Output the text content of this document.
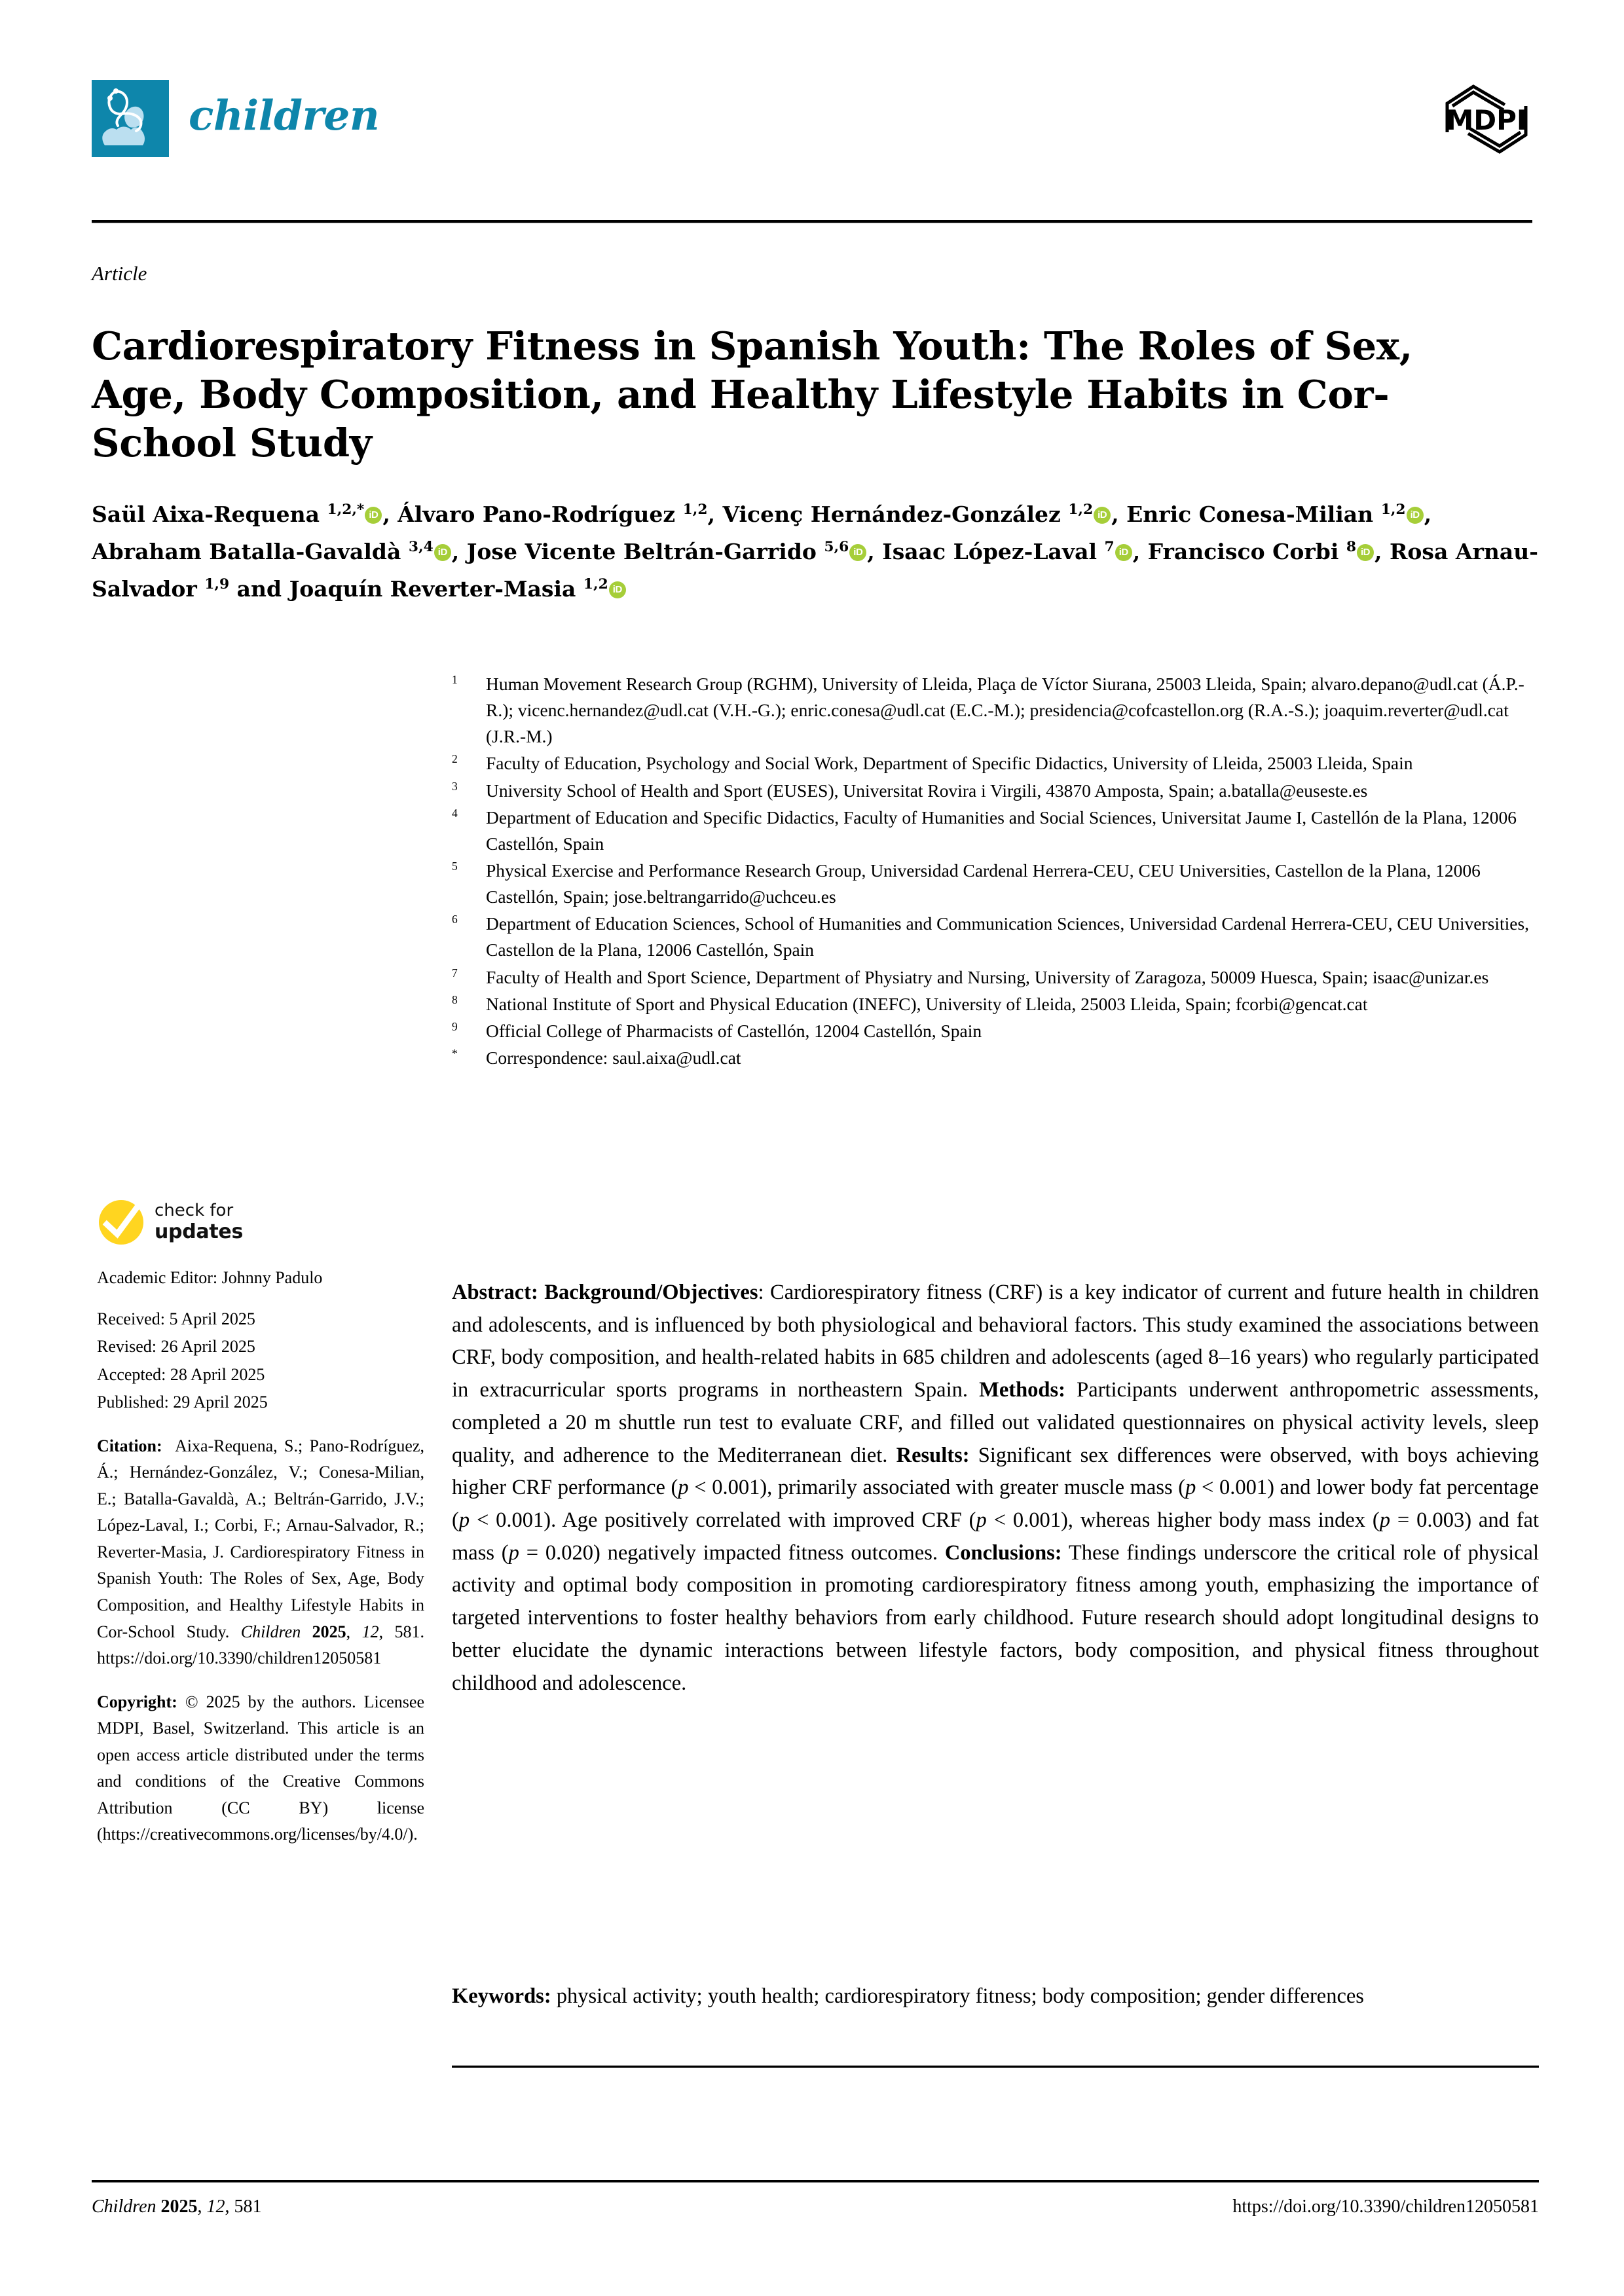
children	MDPI
Article
Cardiorespiratory Fitness in Spanish Youth: The Roles of Sex, Age, Body Composition, and Healthy Lifestyle Habits in Cor-School Study
Saül Aixa-Requena $^{1,2,*}$ iD , Álvaro Pano-Rodríguez $^{1,2}$, Vicenç Hernández-González $^{1,2}$ iD , Enric Conesa-Milian $^{1,2}$ iD , Abraham Batalla-Gavaldà $^{3,4}$ iD , Jose Vicente Beltrán-Garrido $^{5,6}$ iD , Isaac López-Laval $^7$ iD , Francisco Corbi $^8$ iD , Rosa Arnau-Salvador $^{1,9}$ and Joaquín Reverter-Masia $^{1,2}$iD
$^1$	Human Movement Research Group (RGHM), University of Lleida, Plaça de Víctor Siurana, 25003 Lleida, Spain; alvaro.depano@udl.cat (Á.P.-R.); vicenc.hernandez@udl.cat (V.H.-G.); enric.conesa@udl.cat (E.C.-M.); presidencia@cofcastellon.org (R.A.-S.); joaquim.reverter@udl.cat (J.R.-M.)
$^2$	Faculty of Education, Psychology and Social Work, Department of Specific Didactics, University of Lleida, 25003 Lleida, Spain
$^3$	University School of Health and Sport (EUSES), Universitat Rovira i Virgili, 43870 Amposta, Spain; a.batalla@euseste.es
$^4$	Department of Education and Specific Didactics, Faculty of Humanities and Social Sciences, Universitat Jaume I, Castellón de la Plana, 12006 Castellón, Spain
$^5$	Physical Exercise and Performance Research Group, Universidad Cardenal Herrera-CEU, CEU Universities, Castellon de la Plana, 12006 Castellón, Spain; jose.beltrangarrido@uchceu.es
$^6$	Department of Education Sciences, School of Humanities and Communication Sciences, Universidad Cardenal Herrera-CEU, CEU Universities, Castellon de la Plana, 12006 Castellón, Spain
$^7$	Faculty of Health and Sport Science, Department of Physiatry and Nursing, University of Zaragoza, 50009 Huesca, Spain; isaac@unizar.es
$^8$	National Institute of Sport and Physical Education (INEFC), University of Lleida, 25003 Lleida, Spain; fcorbi@gencat.cat
$^9$	Official College of Pharmacists of Castellón, 12004 Castellón, Spain
*	Correspondence: saul.aixa@udl.cat
check for
updates
Academic Editor: Johnny Padulo
Received: 5 April 2025
Revised: 26 April 2025
Accepted: 28 April 2025
Published: 29 April 2025
Citation: Aixa-Requena, S.; Pano-Rodríguez, Á.; Hernández-González, V.; Conesa-Milian, E.; Batalla-Gavaldà, A.; Beltrán-Garrido, J.V.; López-Laval, I.; Corbi, F.; Arnau-Salvador, R.; Reverter-Masia, J. Cardiorespiratory Fitness in Spanish Youth: The Roles of Sex, Age, Body Composition, and Healthy Lifestyle Habits in Cor-School Study. Children 2025, 12, 581. https://doi.org/10.3390/children12050581
Copyright: © 2025 by the authors. Licensee MDPI, Basel, Switzerland. This article is an open access article distributed under the terms and conditions of the Creative Commons Attribution (CC BY) license (https://creativecommons.org/licenses/by/4.0/).
Abstract: Background/Objectives: Cardiorespiratory fitness (CRF) is a key indicator of current and future health in children and adolescents, and is influenced by both physiological and behavioral factors. This study examined the associations between CRF, body composition, and health-related habits in 685 children and adolescents (aged 8–16 years) who regularly participated in extracurricular sports programs in northeastern Spain. Methods: Participants underwent anthropometric assessments, completed a 20 m shuttle run test to evaluate CRF, and filled out validated questionnaires on physical activity levels, sleep quality, and adherence to the Mediterranean diet. Results: Significant sex differences were observed, with boys achieving higher CRF performance (p < 0.001), primarily associated with greater muscle mass (p < 0.001) and lower body fat percentage (p < 0.001). Age positively correlated with improved CRF (p < 0.001), whereas higher body mass index (p = 0.003) and fat mass (p = 0.020) negatively impacted fitness outcomes. Conclusions: These findings underscore the critical role of physical activity and optimal body composition in promoting cardiorespiratory fitness among youth, emphasizing the importance of targeted interventions to foster healthy behaviors from early childhood. Future research should adopt longitudinal designs to better elucidate the dynamic interactions between lifestyle factors, body composition, and physical fitness throughout childhood and adolescence.
Keywords: physical activity; youth health; cardiorespiratory fitness; body composition; gender differences
Children 2025, 12, 581	https://doi.org/10.3390/children12050581
